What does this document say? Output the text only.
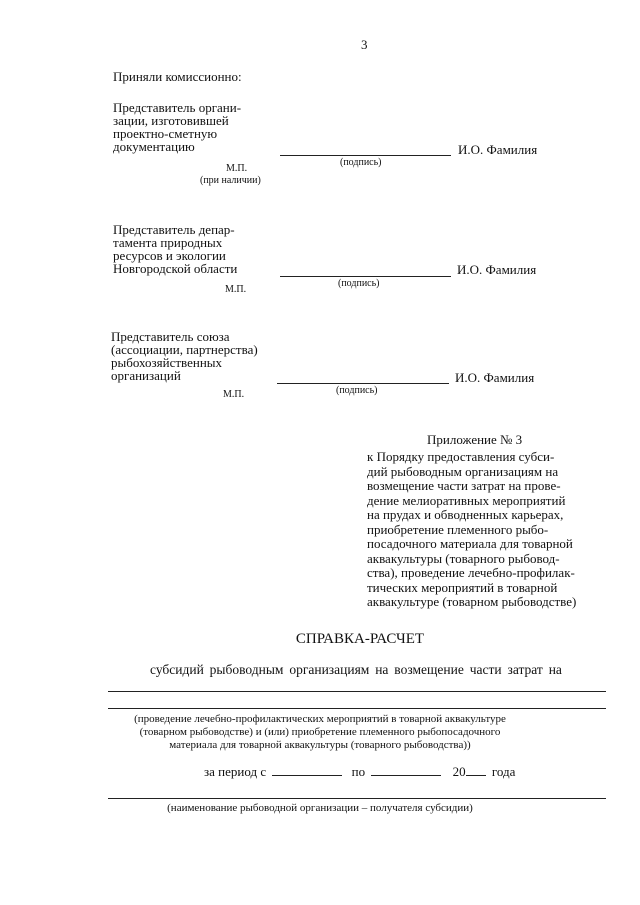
3
Приняли комиссионно:
Представитель органи-
зации, изготовившей
проектно-сметную
документацию	И.О. Фамилия
(подпись)
М.П.
(при наличии)
Представитель депар-
тамента природных
ресурсов и экологии
Новгородской области	И.О. Фамилия
(подпись)
М.П.
Представитель союза
(ассоциации, партнерства)
рыбохозяйственных
организаций	И.О. Фамилия
(подпись)
М.П.
Приложение № 3
к Порядку предоставления субси-
дий рыбоводным организациям на
возмещение части затрат на прове-
дение мелиоративных мероприятий
на прудах и обводненных карьерах,
приобретение племенного рыбо-
посадочного материала для товарной
аквакультуры (товарного рыбовод-
ства), проведение лечебно-профилак-
тических мероприятий в товарной
аквакультуре (товарном рыбоводстве)
СПРАВКА-РАСЧЕТ
субсидий рыбоводным организациям на возмещение части затрат на
(проведение лечебно-профилактических мероприятий в товарной аквакультуре
(товарном рыбоводстве) и (или) приобретение племенного рыбопосадочного
материала для товарной аквакультуры (товарного рыбоводства))
за период с	по	20 года
(наименование рыбоводной организации – получателя субсидии)
